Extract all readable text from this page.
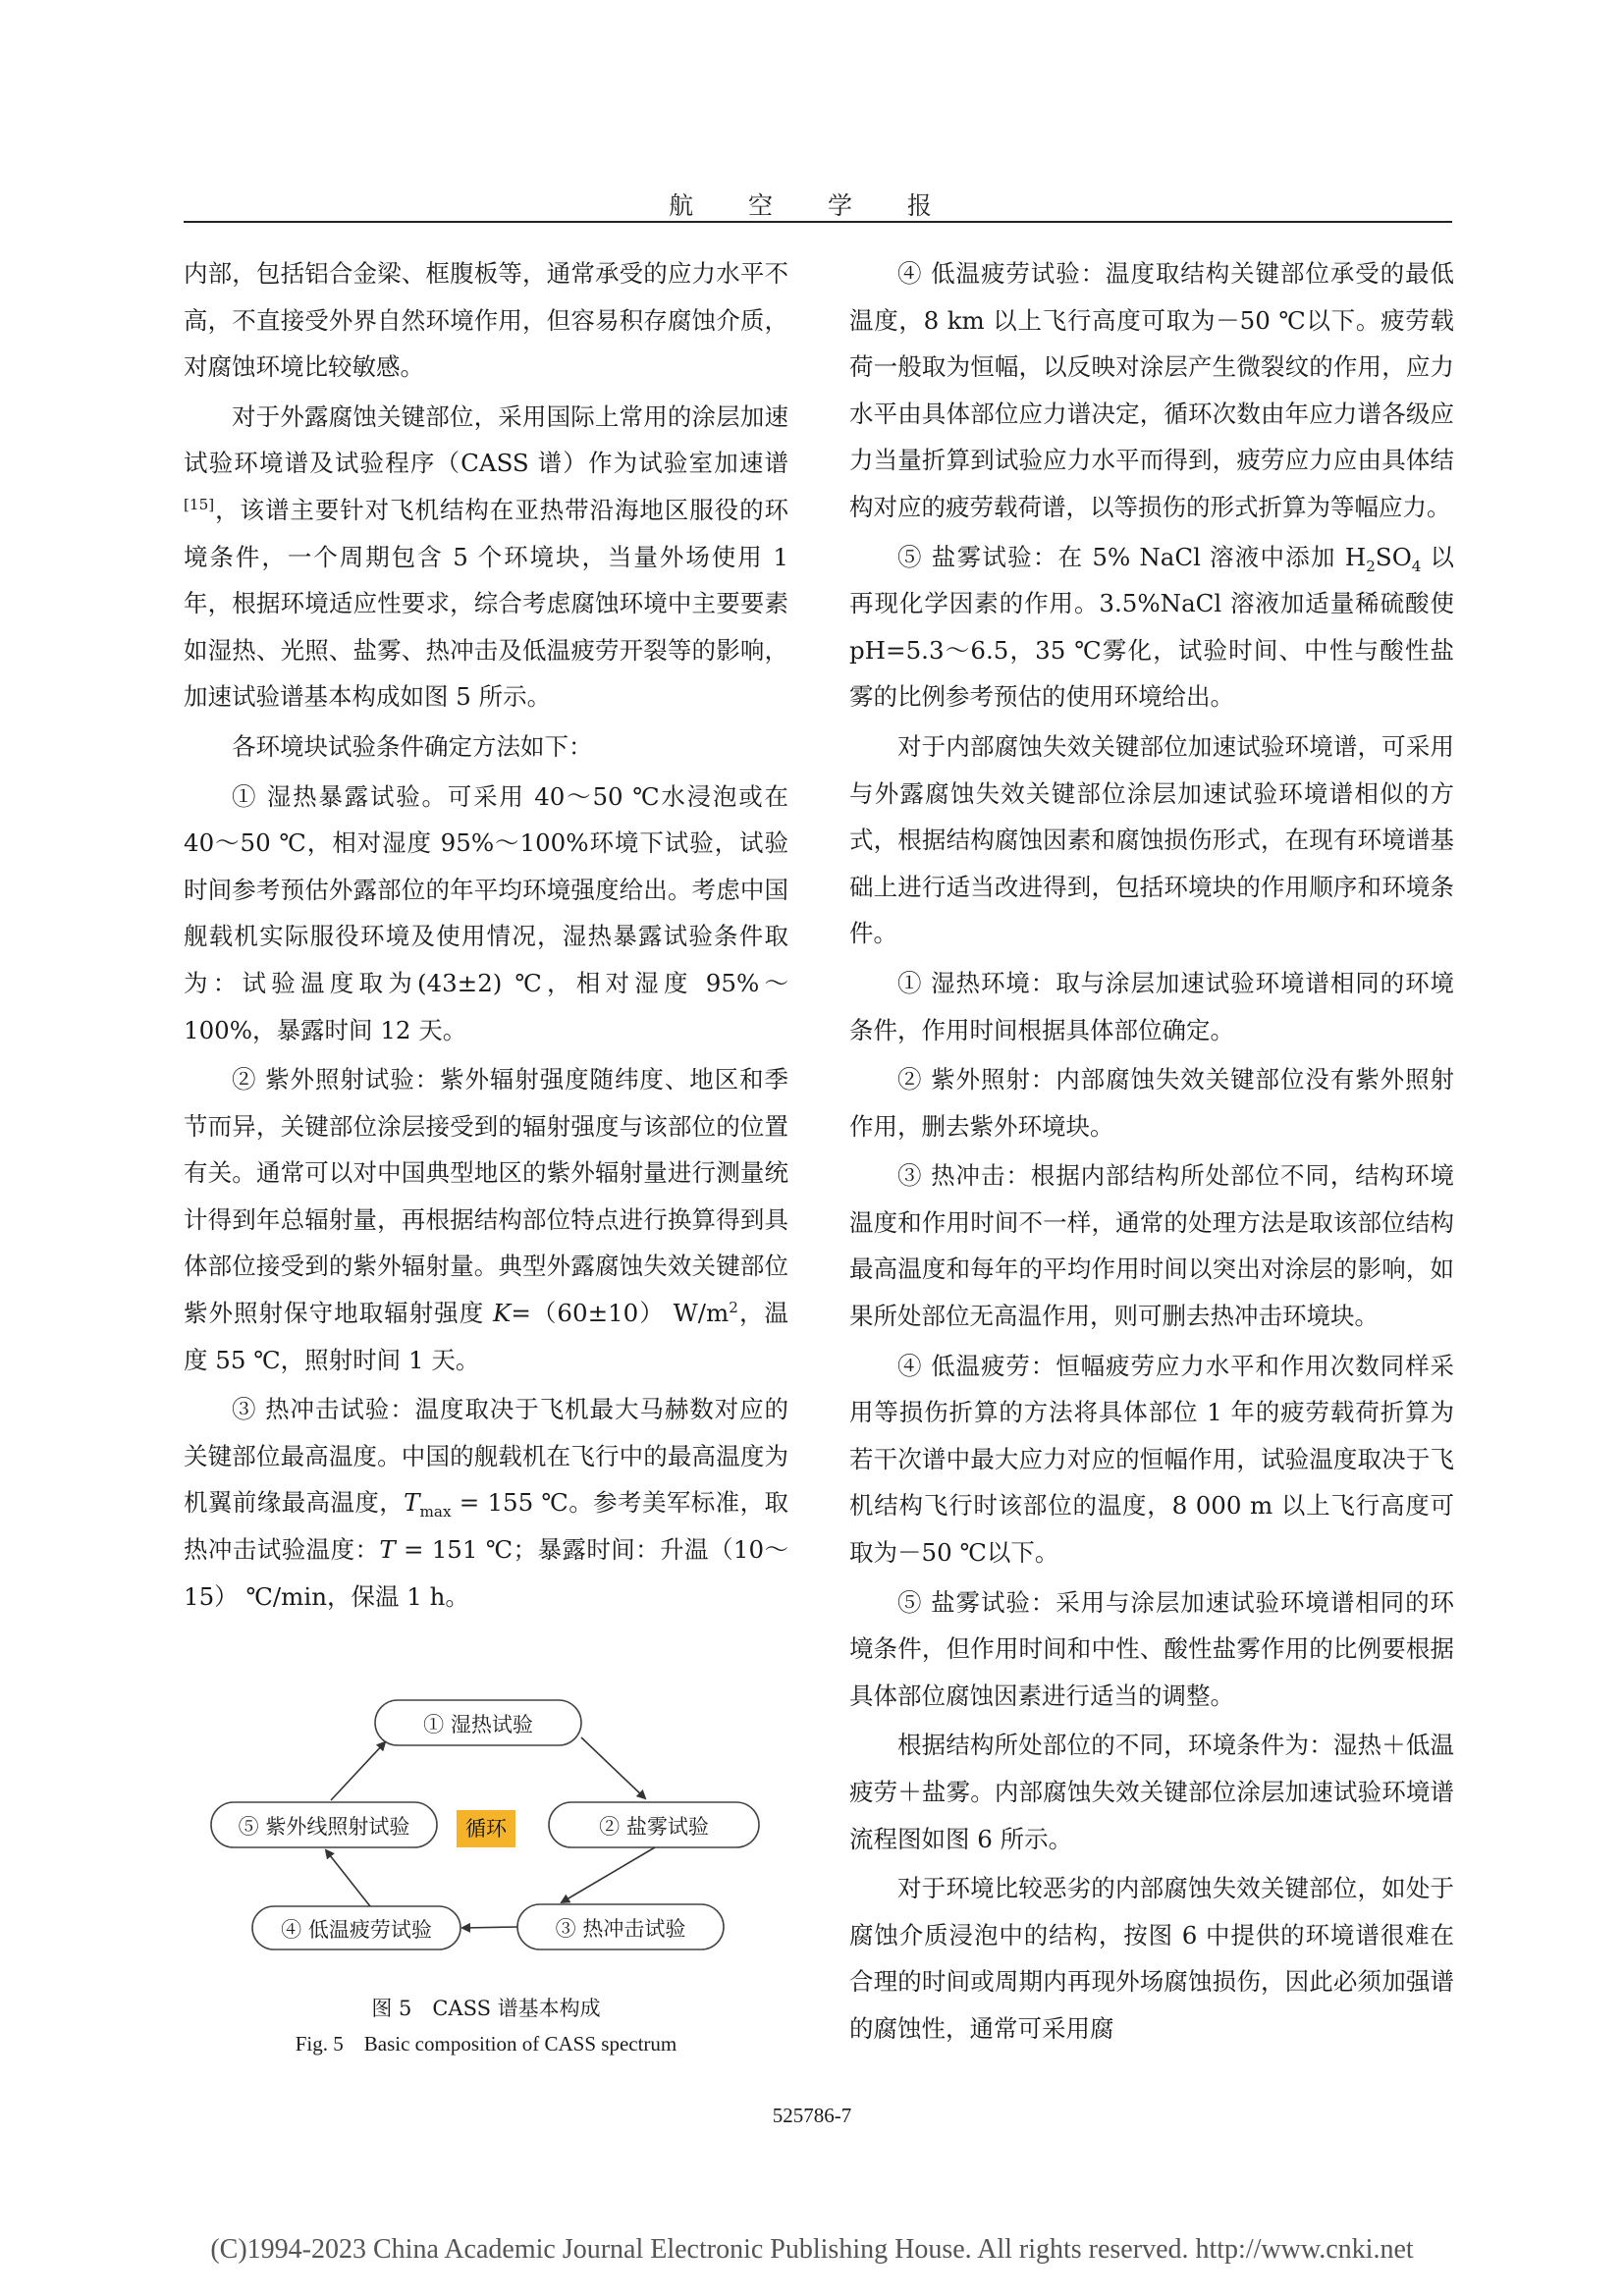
航 空 学 报

内部，包括铝合金梁、框腹板等，通常承受的应力水平不高，不直接受外界自然环境作用，但容易积存腐蚀介质，对腐蚀环境比较敏感。

对于外露腐蚀关键部位，采用国际上常用的涂层加速试验环境谱及试验程序（CASS 谱）作为试验室加速谱[15]，该谱主要针对飞机结构在亚热带沿海地区服役的环境条件，一个周期包含 5 个环境块，当量外场使用 1 年，根据环境适应性要求，综合考虑腐蚀环境中主要要素如湿热、光照、盐雾、热冲击及低温疲劳开裂等的影响，加速试验谱基本构成如图 5 所示。

各环境块试验条件确定方法如下：

① 湿热暴露试验。可采用 40～50 ℃水浸泡或在 40～50 ℃，相对湿度 95%～100%环境下试验，试验时间参考预估外露部位的年平均环境强度给出。考虑中国舰载机实际服役环境及使用情况，湿热暴露试验条件取为：试验温度取为(43±2) ℃，相对湿度 95%～100%，暴露时间 12 天。

② 紫外照射试验：紫外辐射强度随纬度、地区和季节而异，关键部位涂层接受到的辐射强度与该部位的位置有关。通常可以对中国典型地区的紫外辐射量进行测量统计得到年总辐射量，再根据结构部位特点进行换算得到具体部位接受到的紫外辐射量。典型外露腐蚀失效关键部位紫外照射保守地取辐射强度 K=（60±10） $W/m^2$，温度 55 ℃，照射时间 1 天。

③ 热冲击试验：温度取决于飞机最大马赫数对应的关键部位最高温度。中国的舰载机在飞行中的最高温度为机翼前缘最高温度，$T_{max} = 155$ ℃。参考美军标准，取热冲击试验温度：T = 151 ℃；暴露时间：升温（10～15） ℃/min，保温 1 h。

① 湿热试验
② 盐雾试验
③ 热冲击试验
④ 低温疲劳试验
⑤ 紫外线照射试验	循环
图 5　CASS 谱基本构成
Fig. 5　Basic composition of CASS spectrum

④ 低温疲劳试验：温度取结构关键部位承受的最低温度，8 km 以上飞行高度可取为－50 ℃以下。疲劳载荷一般取为恒幅，以反映对涂层产生微裂纹的作用，应力水平由具体部位应力谱决定，循环次数由年应力谱各级应力当量折算到试验应力水平而得到，疲劳应力应由具体结构对应的疲劳载荷谱，以等损伤的形式折算为等幅应力。

⑤ 盐雾试验：在 5% NaCl 溶液中添加 $H_2SO_4$ 以再现化学因素的作用。3.5%NaCl 溶液加适量稀硫酸使 pH=5.3～6.5，35 ℃雾化，试验时间、中性与酸性盐雾的比例参考预估的使用环境给出。

对于内部腐蚀失效关键部位加速试验环境谱，可采用与外露腐蚀失效关键部位涂层加速试验环境谱相似的方式，根据结构腐蚀因素和腐蚀损伤形式，在现有环境谱基础上进行适当改进得到，包括环境块的作用顺序和环境条件。

① 湿热环境：取与涂层加速试验环境谱相同的环境条件，作用时间根据具体部位确定。

② 紫外照射：内部腐蚀失效关键部位没有紫外照射作用，删去紫外环境块。

③ 热冲击：根据内部结构所处部位不同，结构环境温度和作用时间不一样，通常的处理方法是取该部位结构最高温度和每年的平均作用时间以突出对涂层的影响，如果所处部位无高温作用，则可删去热冲击环境块。

④ 低温疲劳：恒幅疲劳应力水平和作用次数同样采用等损伤折算的方法将具体部位 1 年的疲劳载荷折算为若干次谱中最大应力对应的恒幅作用，试验温度取决于飞机结构飞行时该部位的温度，8 000 m 以上飞行高度可取为－50 ℃以下。

⑤ 盐雾试验：采用与涂层加速试验环境谱相同的环境条件，但作用时间和中性、酸性盐雾作用的比例要根据具体部位腐蚀因素进行适当的调整。

根据结构所处部位的不同，环境条件为：湿热＋低温疲劳＋盐雾。内部腐蚀失效关键部位涂层加速试验环境谱流程图如图 6 所示。

对于环境比较恶劣的内部腐蚀失效关键部位，如处于腐蚀介质浸泡中的结构，按图 6 中提供的环境谱很难在合理的时间或周期内再现外场腐蚀损伤，因此必须加强谱的腐蚀性，通常可采用腐

525786-7
(C)1994-2023 China Academic Journal Electronic Publishing House. All rights reserved. http://www.cnki.net
